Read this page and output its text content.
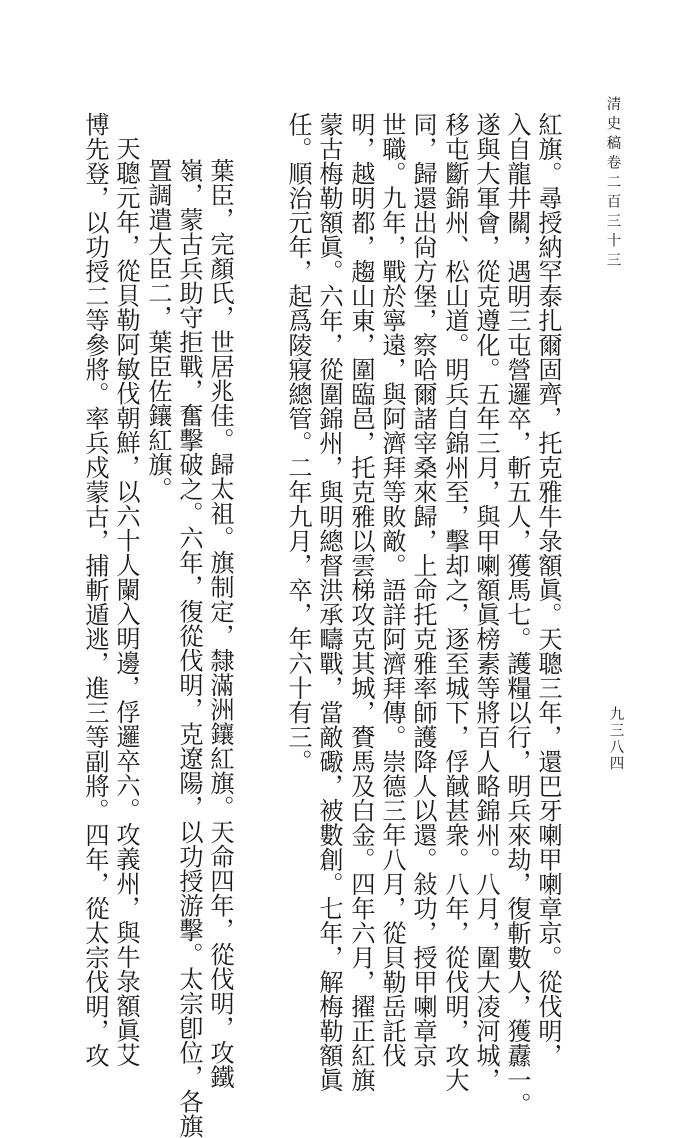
清史稿卷二百三十三
九三八四
紅旗。尋授納罕泰扎爾固齊，托克雅牛彔額眞。天聰三年，還巴牙喇甲喇章京。從伐明，
入自龍井關，遇明三屯營邏卒，斬五人，獲馬七。護糧以行，明兵來劫，復斬數人，獲纛一。
遂與大軍會，從克遵化。五年三月，與甲喇額眞榜素等將百人略錦州。八月，圍大凌河城，
移屯斷錦州、松山道。明兵自錦州至，擊却之，逐至城下，俘馘甚衆。八年，從伐明，攻大
同，歸還出尙方堡，察哈爾諸宰桑來歸，上命托克雅率師護降人以還。敍功，授甲喇章京
世職。九年，戰於寧遠，與阿濟拜等敗敵。語詳阿濟拜傳。崇德三年八月，從貝勒岳託伐
明，越明都，趨山東，圍臨邑，托克雅以雲梯攻克其城，賚馬及白金。四年六月，擢正紅旗
蒙古梅勒額眞。六年，從圍錦州，與明總督洪承疇戰，當敵礮，被數創。七年，解梅勒額眞
任。順治元年，起爲陵寢總管。二年九月，卒，年六十有三。
葉臣，完顏氏，世居兆佳。歸太祖。旗制定，隸滿洲鑲紅旗。天命四年，從伐明，攻鐵
嶺，蒙古兵助守拒戰，奮擊破之。六年，復從伐明，克遼陽，以功授游擊。太宗卽位，各旗
置調遣大臣二，葉臣佐鑲紅旗。
天聰元年，從貝勒阿敏伐朝鮮，以六十人闌入明邊，俘邏卒六。攻義州，與牛彔額眞艾
博先登，以功授二等參將。率兵戍蒙古，捕斬遁逃，進三等副將。四年，從太宗伐明，攻
